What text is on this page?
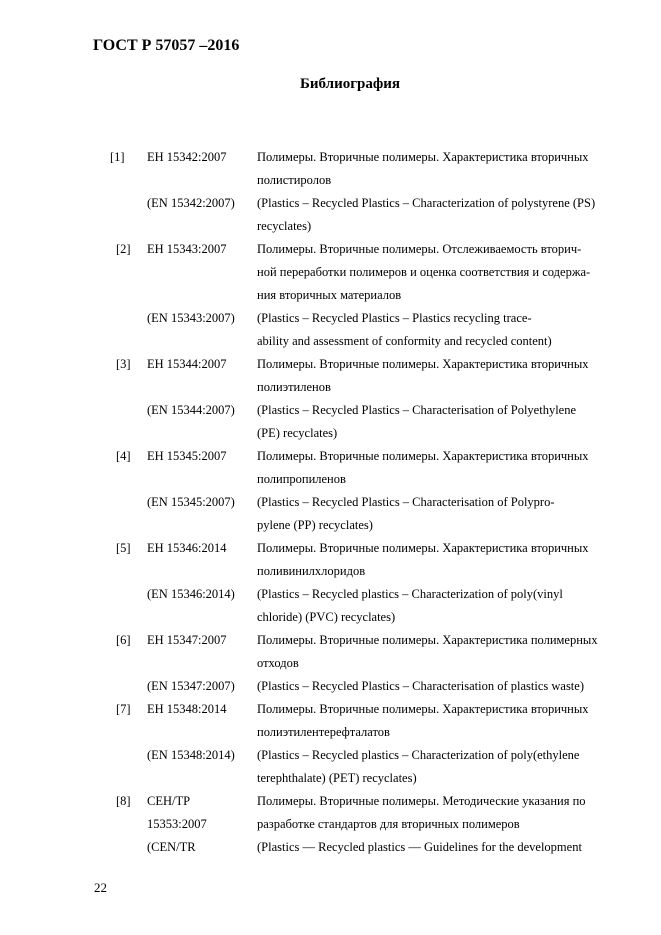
ГОСТ Р 57057 –2016
Библиография
[1] ЕН 15342:2007 Полимеры. Вторичные полимеры. Характеристика вторичных
полистиролов
(EN 15342:2007) (Plastics – Recycled Plastics – Characterization of polystyrene (PS)
recyclates)
[2] ЕН 15343:2007 Полимеры. Вторичные полимеры. Отслеживаемость вторич-
ной переработки полимеров и оценка соответствия и содержа-
ния вторичных материалов
(EN 15343:2007) (Plastics – Recycled Plastics – Plastics recycling trace-
ability and assessment of conformity and recycled content)
[3] ЕН 15344:2007 Полимеры. Вторичные полимеры. Характеристика вторичных
полиэтиленов
(EN 15344:2007) (Plastics – Recycled Plastics – Characterisation of Polyethylene
(PE) recyclates)
[4] ЕН 15345:2007 Полимеры. Вторичные полимеры. Характеристика вторичных
полипропиленов
(EN 15345:2007) (Plastics – Recycled Plastics – Characterisation of Polypro-
pylene (PP) recyclates)
[5] ЕН 15346:2014 Полимеры. Вторичные полимеры. Характеристика вторичных
поливинилхлоридов
(EN 15346:2014) (Plastics – Recycled plastics – Characterization of poly(vinyl
chloride) (PVC) recyclates)
[6] ЕН 15347:2007 Полимеры. Вторичные полимеры. Характеристика полимерных
отходов
(EN 15347:2007) (Plastics – Recycled Plastics – Characterisation of plastics waste)
[7] ЕН 15348:2014 Полимеры. Вторичные полимеры. Характеристика вторичных
полиэтилентерефталатов
(EN 15348:2014) (Plastics – Recycled plastics – Characterization of poly(ethylene
terephthalate) (PET) recyclates)
[8] СЕН/ТР	Полимеры. Вторичные полимеры. Методические указания по
15353:2007	разработке стандартов для вторичных полимеров
(CEN/TR	(Plastics — Recycled plastics — Guidelines for the development
22
